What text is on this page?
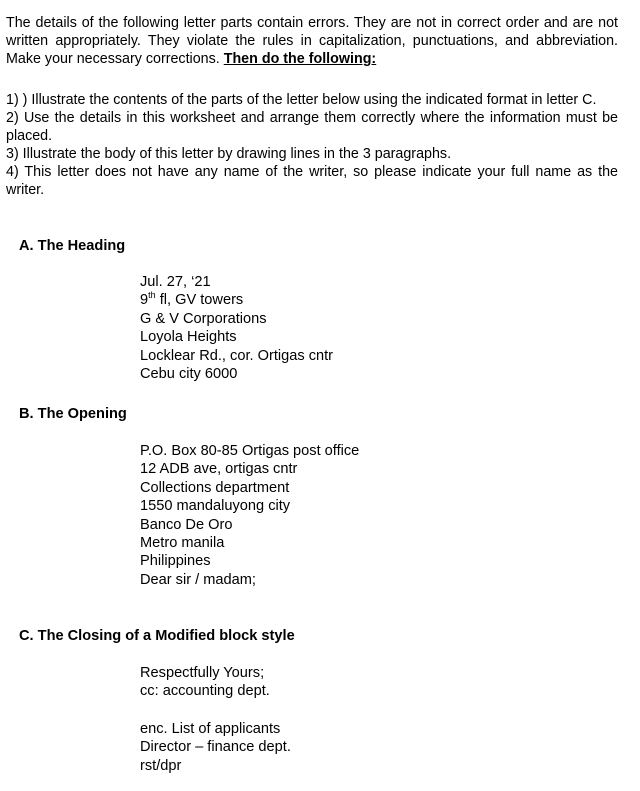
The details of the following letter parts contain errors. They are not in correct order and are not written appropriately. They violate the rules in capitalization, punctuations, and abbreviation. Make your necessary corrections. Then do the following:
1) ) Illustrate the contents of the parts of the letter below using the indicated format in letter C.
2) Use the details in this worksheet and arrange them correctly where the information must be placed.
3) Illustrate the body of this letter by drawing lines in the 3 paragraphs.
4) This letter does not have any name of the writer, so please indicate your full name as the writer.
A. The Heading
Jul. 27, ‘21
9th fl, GV towers
G & V Corporations
Loyola Heights
Locklear Rd., cor. Ortigas cntr
Cebu city 6000
B. The Opening
P.O. Box 80-85 Ortigas post office
12 ADB ave, ortigas cntr
Collections department
1550 mandaluyong city
Banco De Oro
Metro manila
Philippines
Dear sir / madam;
C. The Closing of a Modified block style
Respectfully Yours;
cc: accounting dept.
enc. List of applicants
Director – finance dept.
rst/dpr
